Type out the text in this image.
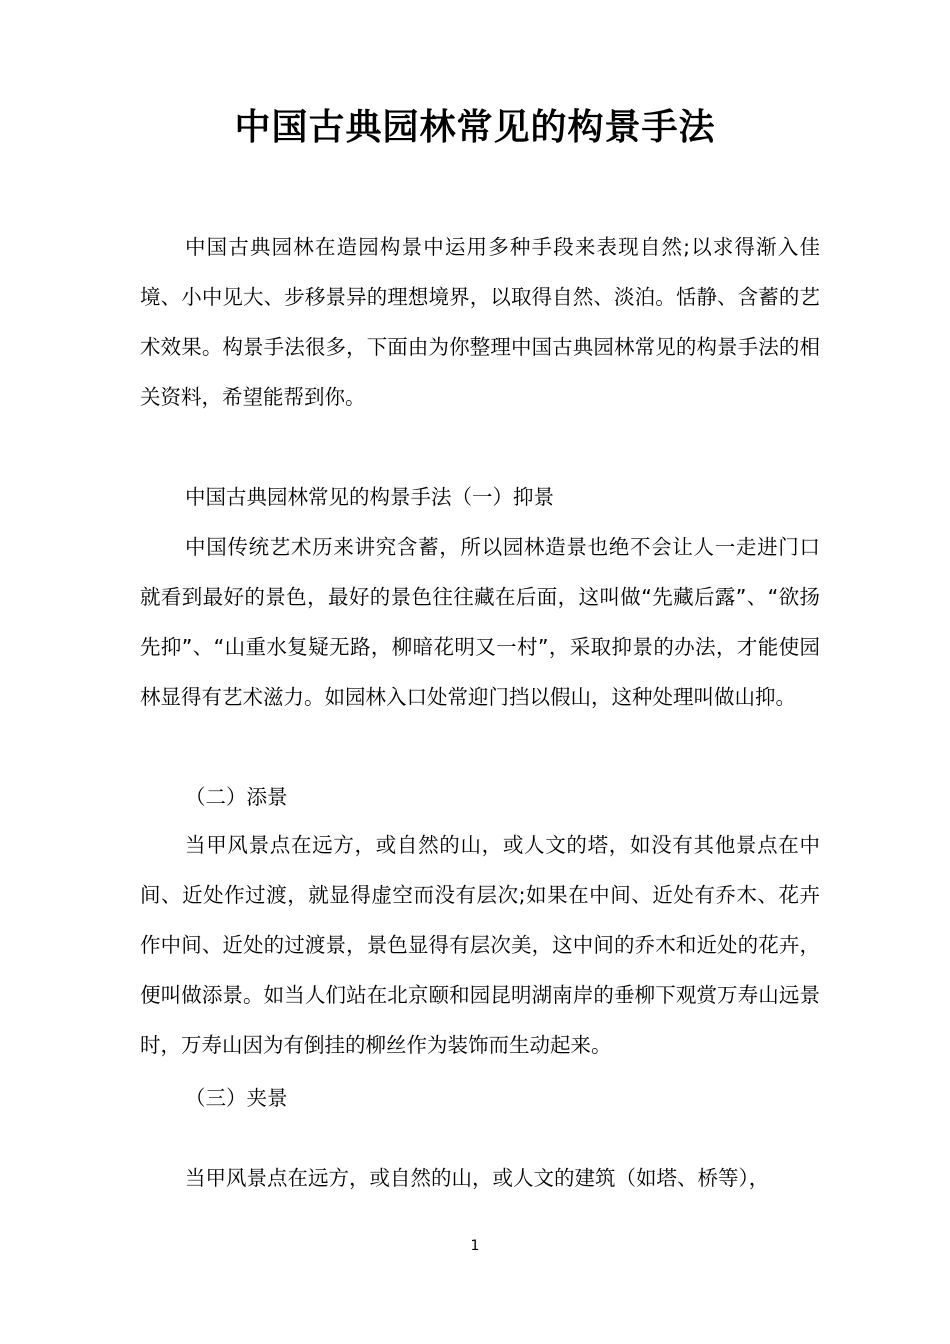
中国古典园林常见的构景手法

中国古典园林在造园构景中运用多种手段来表现自然;以求得渐入佳境、小中见大、步移景异的理想境界，以取得自然、淡泊。恬静、含蓄的艺术效果。构景手法很多，下面由为你整理中国古典园林常见的构景手法的相关资料，希望能帮到你。

中国古典园林常见的构景手法（一）抑景

中国传统艺术历来讲究含蓄，所以园林造景也绝不会让人一走进门口就看到最好的景色，最好的景色往往藏在后面，这叫做“先藏后露”、“欲扬先抑”、“山重水复疑无路，柳暗花明又一村”，采取抑景的办法，才能使园林显得有艺术滋力。如园林入口处常迎门挡以假山，这种处理叫做山抑。

（二）添景

当甲风景点在远方，或自然的山，或人文的塔，如没有其他景点在中间、近处作过渡，就显得虚空而没有层次;如果在中间、近处有乔木、花卉作中间、近处的过渡景，景色显得有层次美，这中间的乔木和近处的花卉，便叫做添景。如当人们站在北京颐和园昆明湖南岸的垂柳下观赏万寿山远景时，万寿山因为有倒挂的柳丝作为装饰而生动起来。

（三）夹景

当甲风景点在远方，或自然的山，或人文的建筑（如塔、桥等），

1
